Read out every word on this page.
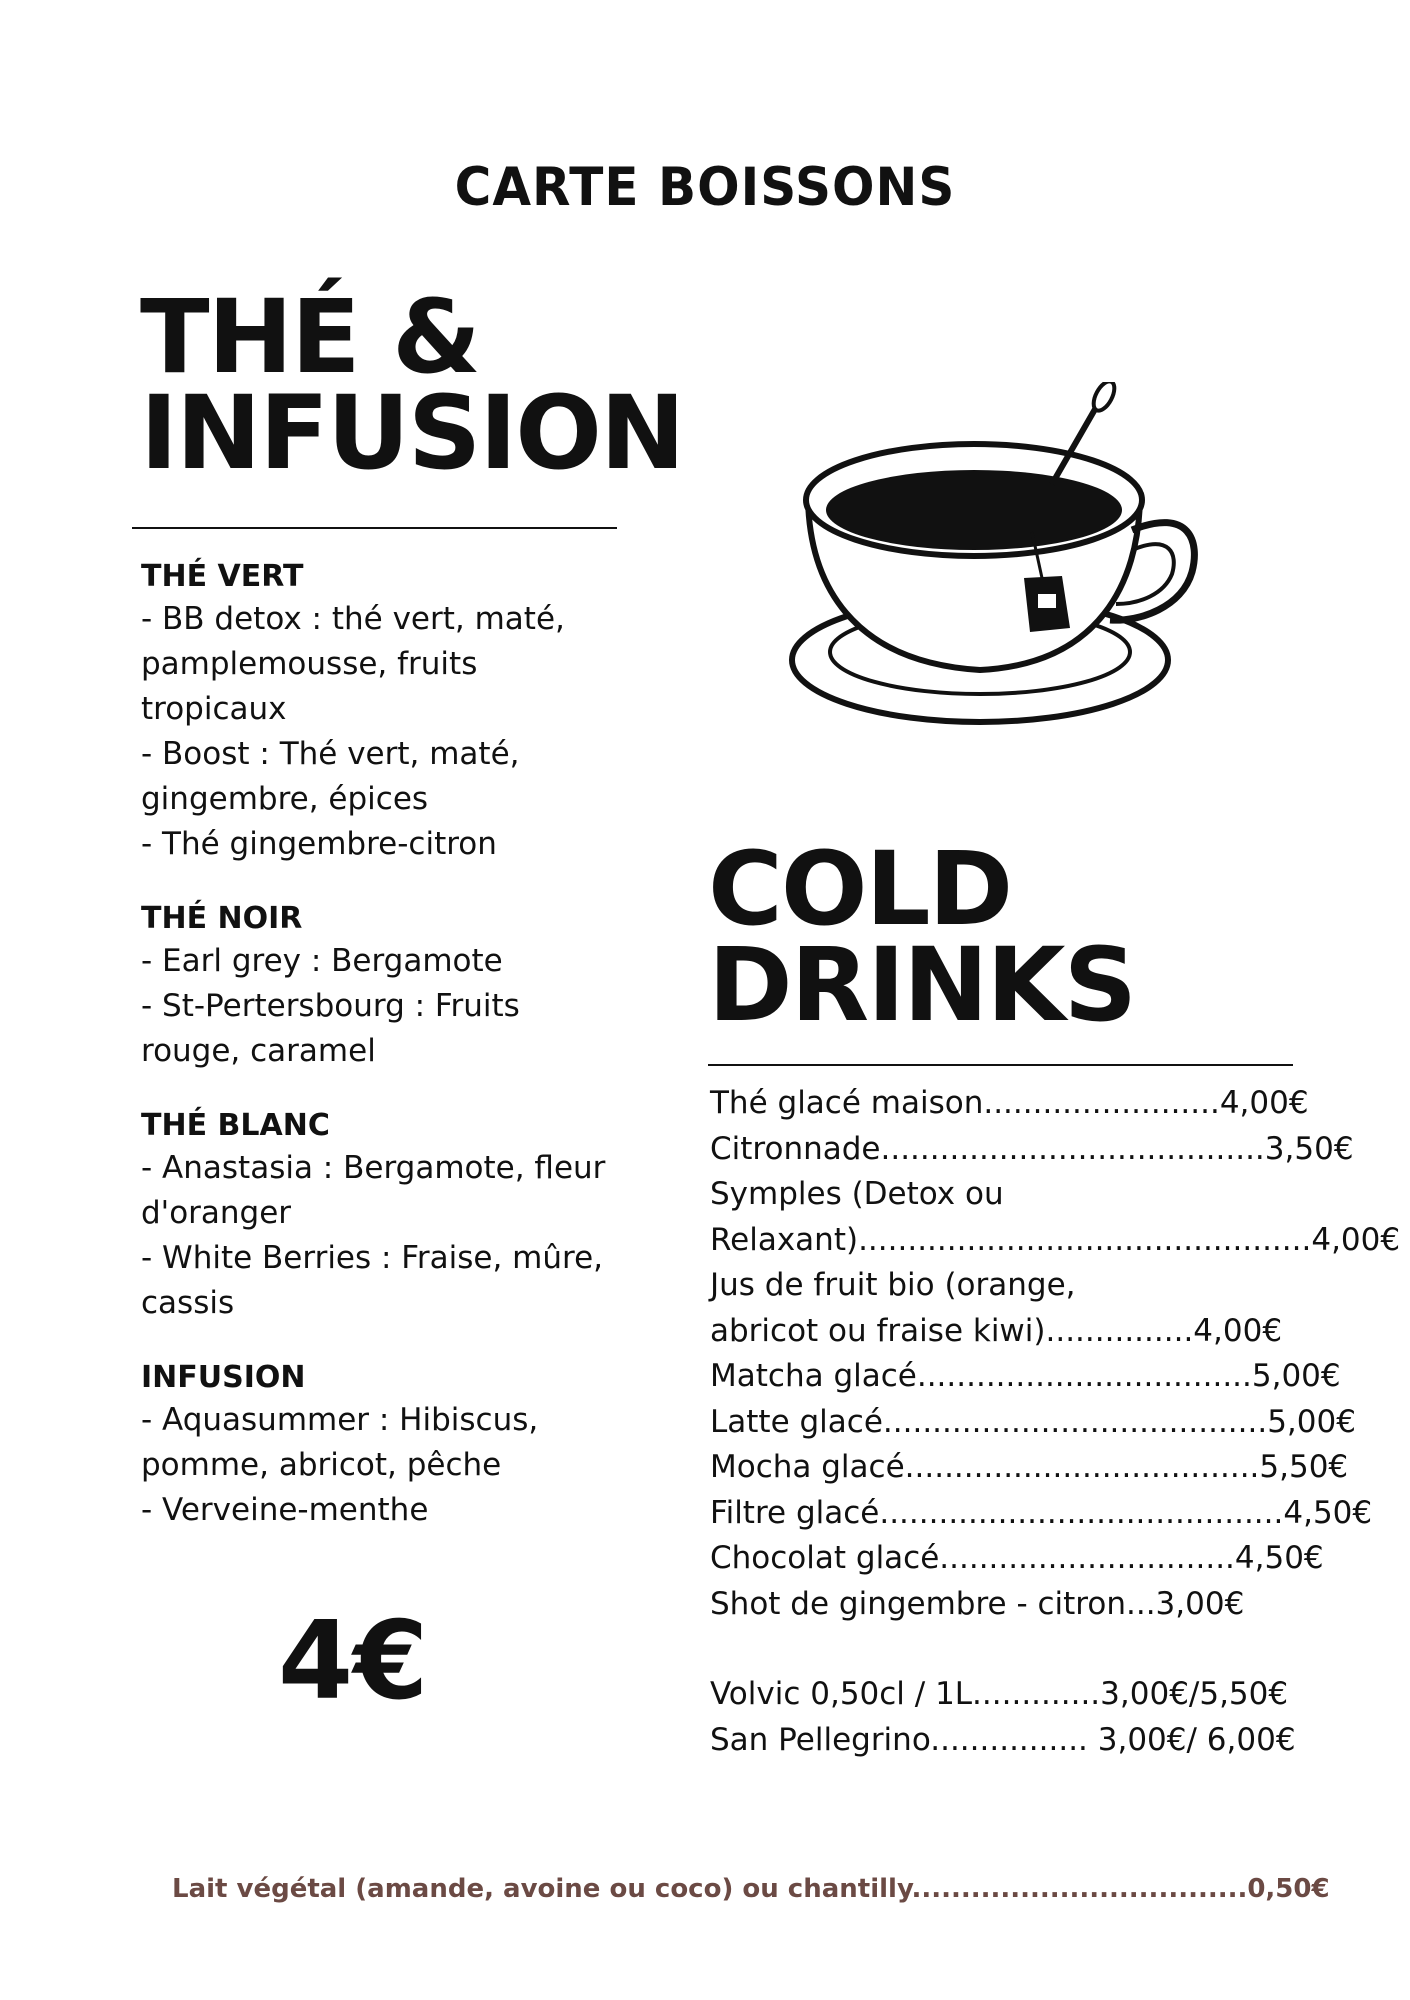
CARTE BOISSONS
THÉ &
INFUSION
THÉ VERT
- BB detox : thé vert, maté,
pamplemousse, fruits
tropicaux
- Boost : Thé vert, maté,
gingembre, épices
- Thé gingembre-citron
THÉ NOIR
- Earl grey : Bergamote
- St-Pertersbourg : Fruits
rouge, caramel
THÉ BLANC
- Anastasia : Bergamote, fleur
d'oranger
- White Berries : Fraise, mûre,
cassis
INFUSION
- Aquasummer : Hibiscus,
pomme, abricot, pêche
- Verveine-menthe
4€
COLD
DRINKS
Thé glacé maison........................4,00€
Citronnade.......................................3,50€
Symples (Detox ou
Relaxant)..............................................4,00€
Jus de fruit bio (orange,
abricot ou fraise kiwi)...............4,00€
Matcha glacé..................................5,00€
Latte glacé.......................................5,00€
Mocha glacé....................................5,50€
Filtre glacé.........................................4,50€
Chocolat glacé..............................4,50€
Shot de gingembre - citron...3,00€
Volvic 0,50cl / 1L.............3,00€/5,50€
San Pellegrino................ 3,00€/ 6,00€
Lait végétal (amande, avoine ou coco) ou chantilly..................................0,50€
